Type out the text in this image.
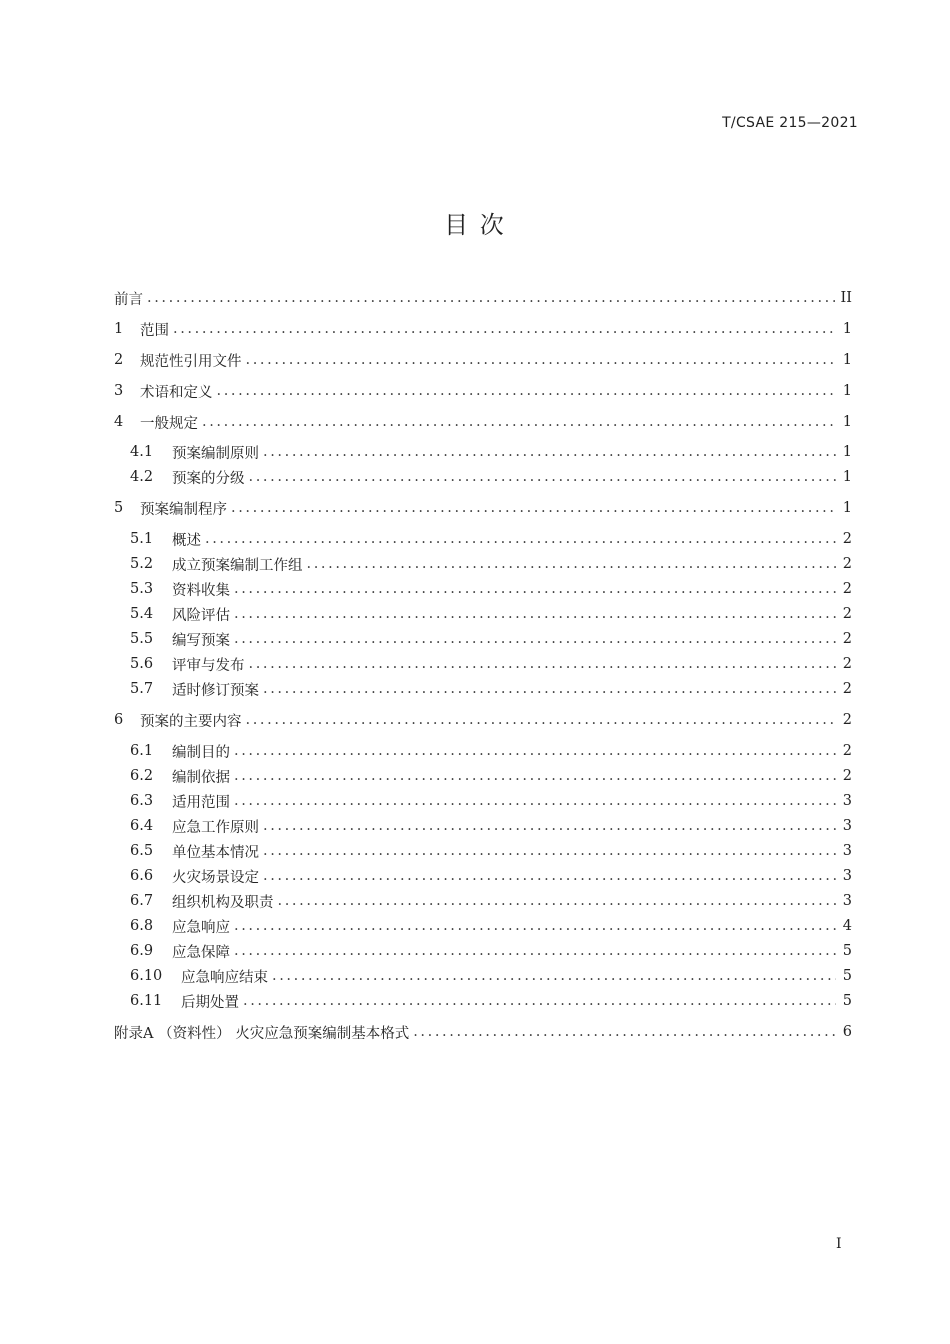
T/CSAE 215—2021
目 次
前言 .....	II
1	范围 .....	1
2	规范性引用文件 .....	1
3	术语和定义 .....	1
4	一般规定 .....	1
4.1	预案编制原则 .....	1
4.2	预案的分级 .....	1
5	预案编制程序 .....	1
5.1	概述 .....	2
5.2	成立预案编制工作组 .....	2
5.3	资料收集 .....	2
5.4	风险评估 .....	2
5.5	编写预案 .....	2
5.6	评审与发布 .....	2
5.7	适时修订预案 .....	2
6	预案的主要内容 .....	2
6.1	编制目的 .....	2
6.2	编制依据 .....	2
6.3	适用范围 .....	3
6.4	应急工作原则 .....	3
6.5	单位基本情况 .....	3
6.6	火灾场景设定 .....	3
6.7	组织机构及职责 .....	3
6.8	应急响应 .....	4
6.9	应急保障 .....	5
6.10	应急响应结束 .....	5
6.11	后期处置 .....	5
附录A （资料性） 火灾应急预案编制基本格式 .....	6
I
